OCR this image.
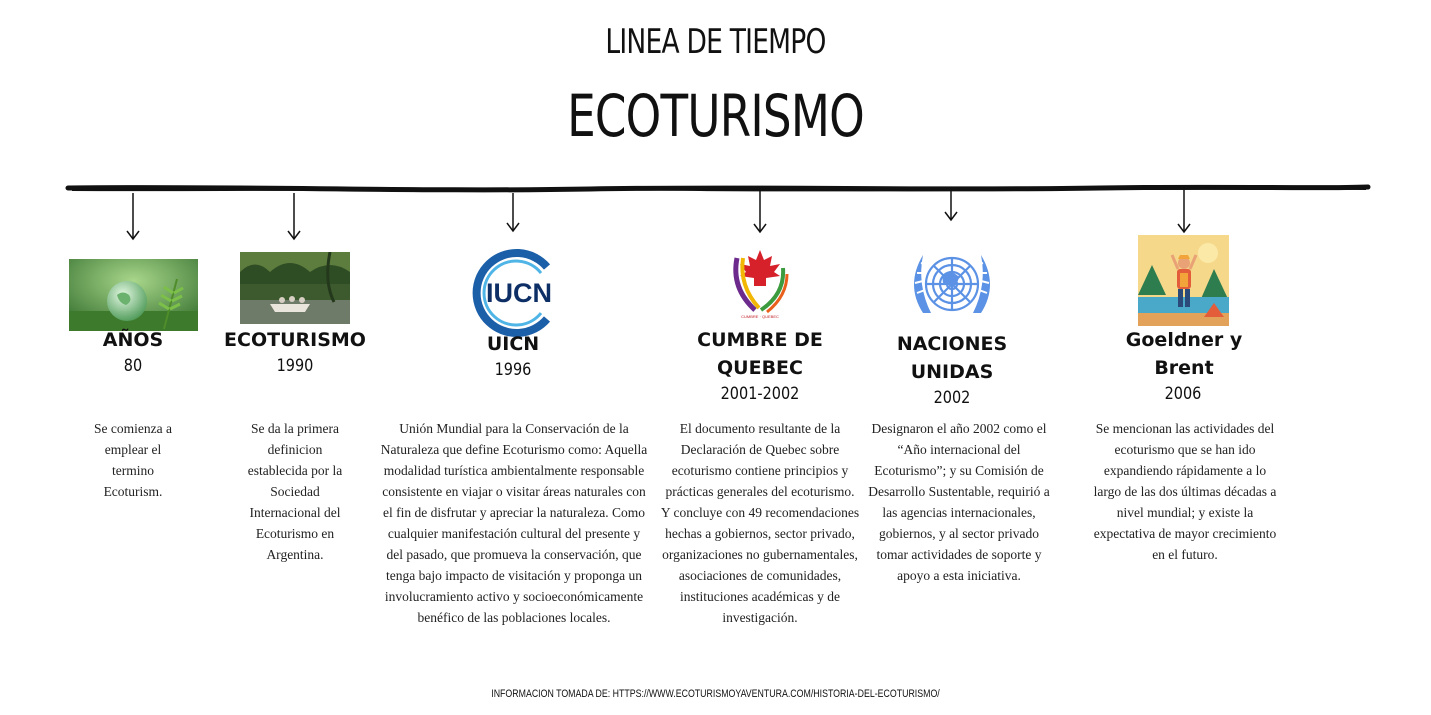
LINEA DE TIEMPO
ECOTURISMO
IUCN
CUMBRE · QUEBEC
AÑOS
80
Se comienza a emplear el termino Ecoturism.
ECOTURISMO
1990
Se da la primera definicion establecida por la Sociedad Internacional del Ecoturismo en Argentina.
UICN
1996
Unión Mundial para la Conservación de la Naturaleza que define Ecoturismo como: Aquella modalidad turística ambientalmente responsable consistente en viajar o visitar áreas naturales con el fin de disfrutar y apreciar la naturaleza. Como cualquier manifestación cultural del presente y del pasado, que promueva la conservación, que tenga bajo impacto de visitación y proponga un involucramiento activo y socioeconómicamente benéfico de las poblaciones locales.
CUMBRE DE QUEBEC
2001-2002
El documento resultante de la Declaración de Quebec sobre ecoturismo contiene principios y prácticas generales del ecoturismo. Y concluye con 49 recomendaciones hechas a gobiernos, sector privado, organizaciones no gubernamentales, asociaciones de comunidades, instituciones académicas y de investigación.
NACIONES UNIDAS
2002
Designaron el año 2002 como el “Año internacional del Ecoturismo”; y su Comisión de Desarrollo Sustentable, requirió a las agencias internacionales, gobiernos, y al sector privado tomar actividades de soporte y apoyo a esta iniciativa.
Goeldner y Brent
2006
Se mencionan las actividades del ecoturismo que se han ido expandiendo rápidamente a lo largo de las dos últimas décadas a nivel mundial; y existe la expectativa de mayor crecimiento en el futuro.
INFORMACION TOMADA DE: HTTPS://WWW.ECOTURISMOYAVENTURA.COM/HISTORIA-DEL-ECOTURISMO/
